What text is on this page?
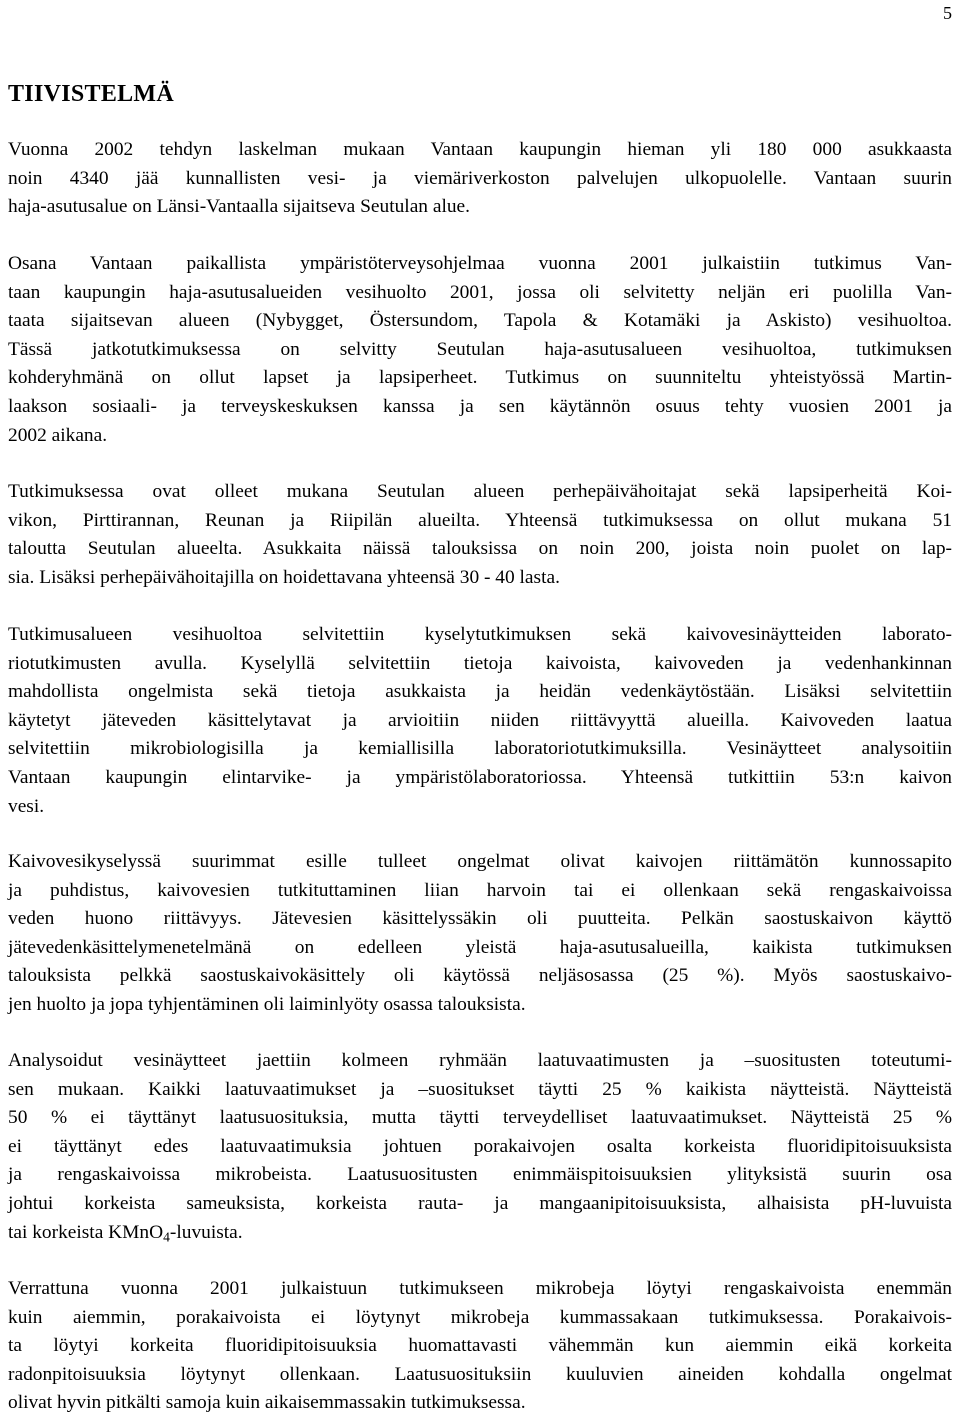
5
TIIVISTELMÄ

Vuonna 2002 tehdyn laskelman mukaan Vantaan kaupungin hieman yli 180 000 asukkaasta
noin 4340 jää kunnallisten vesi- ja viemäriverkoston palvelujen ulkopuolelle. Vantaan suurin
haja-asutusalue on Länsi-Vantaalla sijaitseva Seutulan alue.

Osana Vantaan paikallista ympäristöterveysohjelmaa vuonna 2001 julkaistiin tutkimus Van-
taan kaupungin haja-asutusalueiden vesihuolto 2001, jossa oli selvitetty neljän eri puolilla Van-
taata sijaitsevan alueen (Nybygget, Östersundom, Tapola & Kotamäki ja Askisto) vesihuoltoa.
Tässä jatkotutkimuksessa on selvitty Seutulan haja-asutusalueen vesihuoltoa, tutkimuksen
kohderyhmänä on ollut lapset ja lapsiperheet. Tutkimus on suunniteltu yhteistyössä Martin-
laakson sosiaali- ja terveyskeskuksen kanssa ja sen käytännön osuus tehty vuosien 2001 ja
2002 aikana.

Tutkimuksessa ovat olleet mukana Seutulan alueen perhepäivähoitajat sekä lapsiperheitä Koi-
vikon, Pirttirannan, Reunan ja Riipilän alueilta. Yhteensä tutkimuksessa on ollut mukana 51
taloutta Seutulan alueelta. Asukkaita näissä talouksissa on noin 200, joista noin puolet on lap-
sia. Lisäksi perhepäivähoitajilla on hoidettavana yhteensä 30 - 40 lasta.

Tutkimusalueen vesihuoltoa selvitettiin kyselytutkimuksen sekä kaivovesinäytteiden laborato-
riotutkimusten avulla. Kyselyllä selvitettiin tietoja kaivoista, kaivoveden ja vedenhankinnan
mahdollista ongelmista sekä tietoja asukkaista ja heidän vedenkäytöstään. Lisäksi selvitettiin
käytetyt jäteveden käsittelytavat ja arvioitiin niiden riittävyyttä alueilla. Kaivoveden laatua
selvitettiin mikrobiologisilla ja kemiallisilla laboratoriotutkimuksilla. Vesinäytteet analysoitiin
Vantaan kaupungin elintarvike- ja ympäristölaboratoriossa. Yhteensä tutkittiin 53:n kaivon
vesi.

Kaivovesikyselyssä suurimmat esille tulleet ongelmat olivat kaivojen riittämätön kunnossapito
ja puhdistus, kaivovesien tutkituttaminen liian harvoin tai ei ollenkaan sekä rengaskaivoissa
veden huono riittävyys. Jätevesien käsittelyssäkin oli puutteita. Pelkän saostuskaivon käyttö
jätevedenkäsittelymenetelmänä on edelleen yleistä haja-asutusalueilla, kaikista tutkimuksen
talouksista pelkkä saostuskaivokäsittely oli käytössä neljäsosassa (25 %). Myös saostuskaivo-
jen huolto ja jopa tyhjentäminen oli laiminlyöty osassa talouksista.

Analysoidut vesinäytteet jaettiin kolmeen ryhmään laatuvaatimusten ja –suositusten toteutumi-
sen mukaan. Kaikki laatuvaatimukset ja –suositukset täytti 25 % kaikista näytteistä. Näytteistä
50 % ei täyttänyt laatusuosituksia, mutta täytti terveydelliset laatuvaatimukset. Näytteistä 25 %
ei täyttänyt edes laatuvaatimuksia johtuen porakaivojen osalta korkeista fluoridipitoisuuksista
ja rengaskaivoissa mikrobeista. Laatusuositusten enimmäispitoisuuksien ylityksistä suurin osa
johtui korkeista sameuksista, korkeista rauta- ja mangaanipitoisuuksista, alhaisista pH-luvuista
tai korkeista KMnO$_4$-luvuista.

Verrattuna vuonna 2001 julkaistuun tutkimukseen mikrobeja löytyi rengaskaivoista enemmän
kuin aiemmin, porakaivoista ei löytynyt mikrobeja kummassakaan tutkimuksessa. Porakaivois-
ta löytyi korkeita fluoridipitoisuuksia huomattavasti vähemmän kun aiemmin eikä korkeita
radonpitoisuuksia löytynyt ollenkaan. Laatusuosituksiin kuuluvien aineiden kohdalla ongelmat
olivat hyvin pitkälti samoja kuin aikaisemmassakin tutkimuksessa.
